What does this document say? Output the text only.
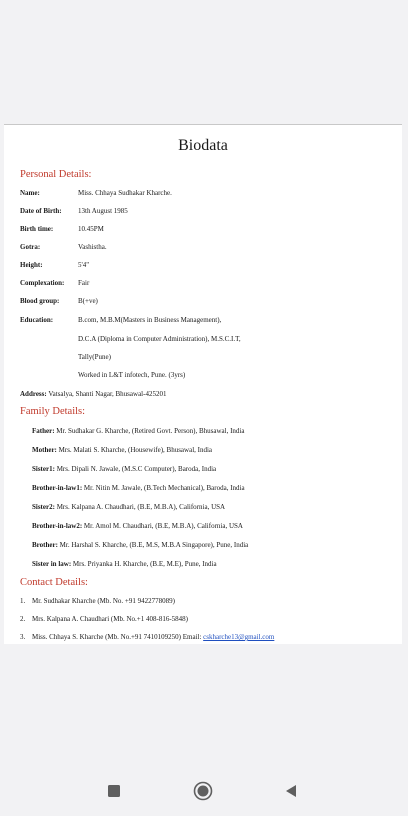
Biodata
Personal Details:
Name:	Miss. Chhaya Sudhakar Kharche.
Date of Birth: 13th August 1985
Birth time:	10.45PM
Gotra:	Vashistha.
Height:	5'4"
Complexation: Fair
Blood group:	B(+ve)
Education:	B.com, M.B.M(Masters in Business Management),
D.C.A (Diploma in Computer Administration), M.S.C.I.T,
Tally(Pune)
Worked in L&T infotech, Pune. (3yrs)
Address: Vatsalya, Shanti Nagar, Bhusawal-425201
Family Details:
Father: Mr. Sudhakar G. Kharche, (Retired Govt. Person), Bhusawal, India
Mother: Mrs. Malati S. Kharche, (Housewife), Bhusawal, India
Sister1: Mrs. Dipali N. Jawale, (M.S.C Computer), Baroda, India
Brother-in-law1: Mr. Nitin M. Jawale, (B.Tech Mechanical), Baroda, India
Sister2: Mrs. Kalpana A. Chaudhari, (B.E, M.B.A), California, USA
Brother-in-law2: Mr. Amol M. Chaudhari, (B.E, M.B.A), California, USA
Brother: Mr. Harshal S. Kharche, (B.E, M.S, M.B.A Singapore), Pune, India
Sister in law: Mrs. Priyanka H. Kharche, (B.E, M.E), Pune, India
Contact Details:
1. Mr. Sudhakar Kharche (Mb. No. +91 9422778089)
2. Mrs. Kalpana A. Chaudhari (Mb. No.+1 408-816-5848)
3. Miss. Chhaya S. Kharche (Mb. No.+91 7410109250) Email: cskharche13@gmail.com
